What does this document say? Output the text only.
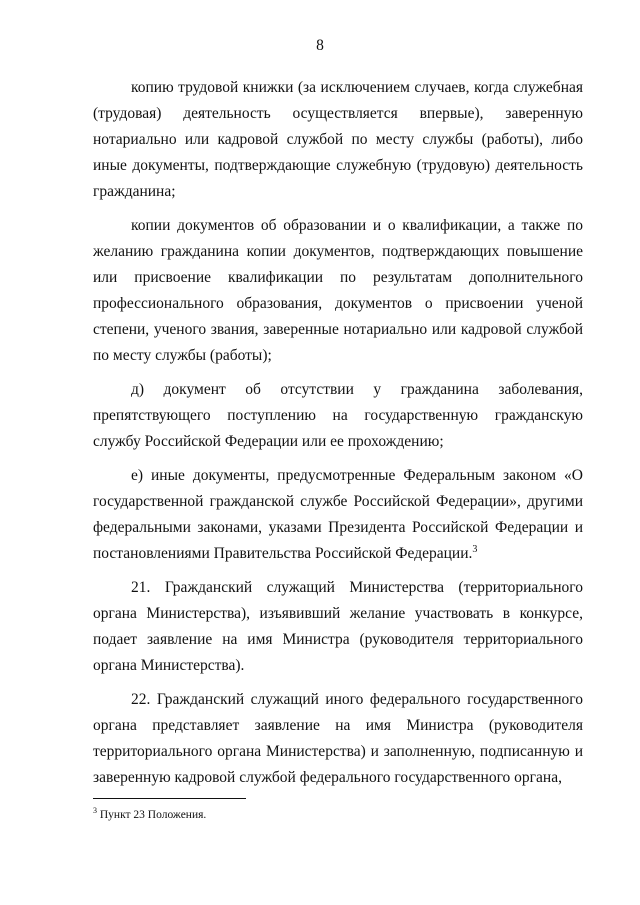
8

копию трудовой книжки (за исключением случаев, когда служебная (трудовая) деятельность осуществляется впервые), заверенную нотариально или кадровой службой по месту службы (работы), либо иные документы, подтверждающие служебную (трудовую) деятельность гражданина;

копии документов об образовании и о квалификации, а также по желанию гражданина копии документов, подтверждающих повышение или присвоение квалификации по результатам дополнительного профессионального образования, документов о присвоении ученой степени, ученого звания, заверенные нотариально или кадровой службой по месту службы (работы);

д) документ об отсутствии у гражданина заболевания, препятствующего поступлению на государственную гражданскую службу Российской Федерации или ее прохождению;

е) иные документы, предусмотренные Федеральным законом «О государственной гражданской службе Российской Федерации», другими федеральными законами, указами Президента Российской Федерации и постановлениями Правительства Российской Федерации.$^3$

21. Гражданский служащий Министерства (территориального органа Министерства), изъявивший желание участвовать в конкурсе, подает заявление на имя Министра (руководителя территориального органа Министерства).

22. Гражданский служащий иного федерального государственного органа представляет заявление на имя Министра (руководителя территориального органа Министерства) и заполненную, подписанную и заверенную кадровой службой федерального государственного органа,

$^3$ Пункт 23 Положения.
